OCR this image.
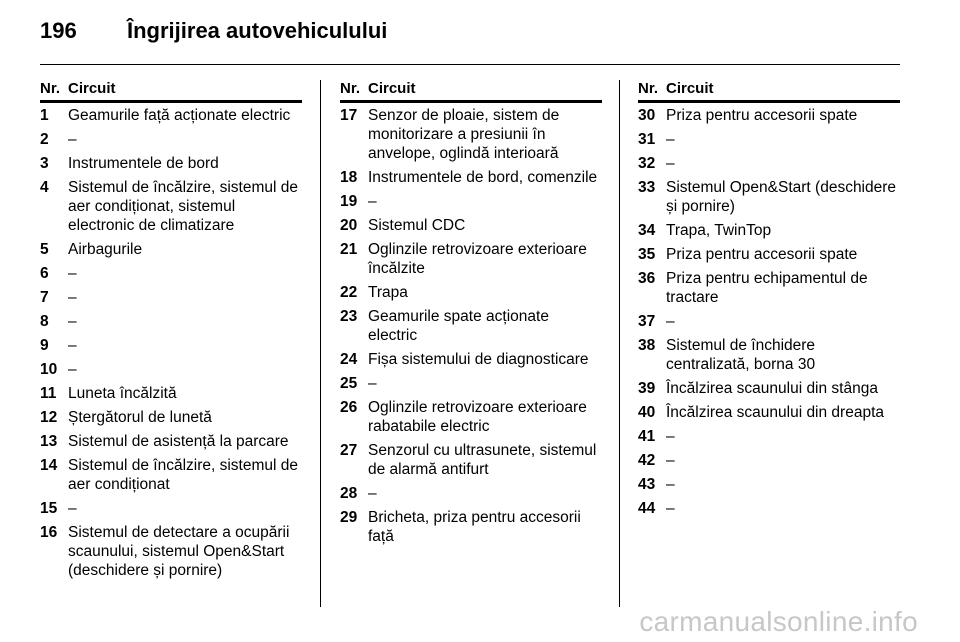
196 Îngrijirea autovehiculului
Nr. Circuit
1	Geamurile față acționate electric
2	–
3	Instrumentele de bord
4	Sistemul de încălzire, sistemul de aer condiționat, sistemul electronic de climatizare
5	Airbagurile
6	–
7	–
8	–
9	–
10 –
11 Luneta încălzită
12 Ștergătorul de lunetă
13 Sistemul de asistență la parcare
14 Sistemul de încălzire, sistemul de aer condiționat
15 –
16 Sistemul de detectare a ocupării scaunului, sistemul Open&Start (deschidere și pornire)
Nr. Circuit
17 Senzor de ploaie, sistem de monitorizare a presiunii în anvelope, oglindă interioară
18 Instrumentele de bord, comenzile
19 –
20 Sistemul CDC
21 Oglinzile retrovizoare exterioare încălzite
22 Trapa
23 Geamurile spate acționate electric
24 Fișa sistemului de diagnosticare
25 –
26 Oglinzile retrovizoare exterioare rabatabile electric
27 Senzorul cu ultrasunete, sistemul de alarmă antifurt
28 –
29 Bricheta, priza pentru accesorii față
Nr. Circuit
30 Priza pentru accesorii spate
31 –
32 –
33 Sistemul Open&Start (deschidere și pornire)
34 Trapa, TwinTop
35 Priza pentru accesorii spate
36 Priza pentru echipamentul de tractare
37 –
38 Sistemul de închidere centralizată, borna 30
39 Încălzirea scaunului din stânga
40 Încălzirea scaunului din dreapta
41 –
42 –
43 –
44 –
carmanualsonline.info
